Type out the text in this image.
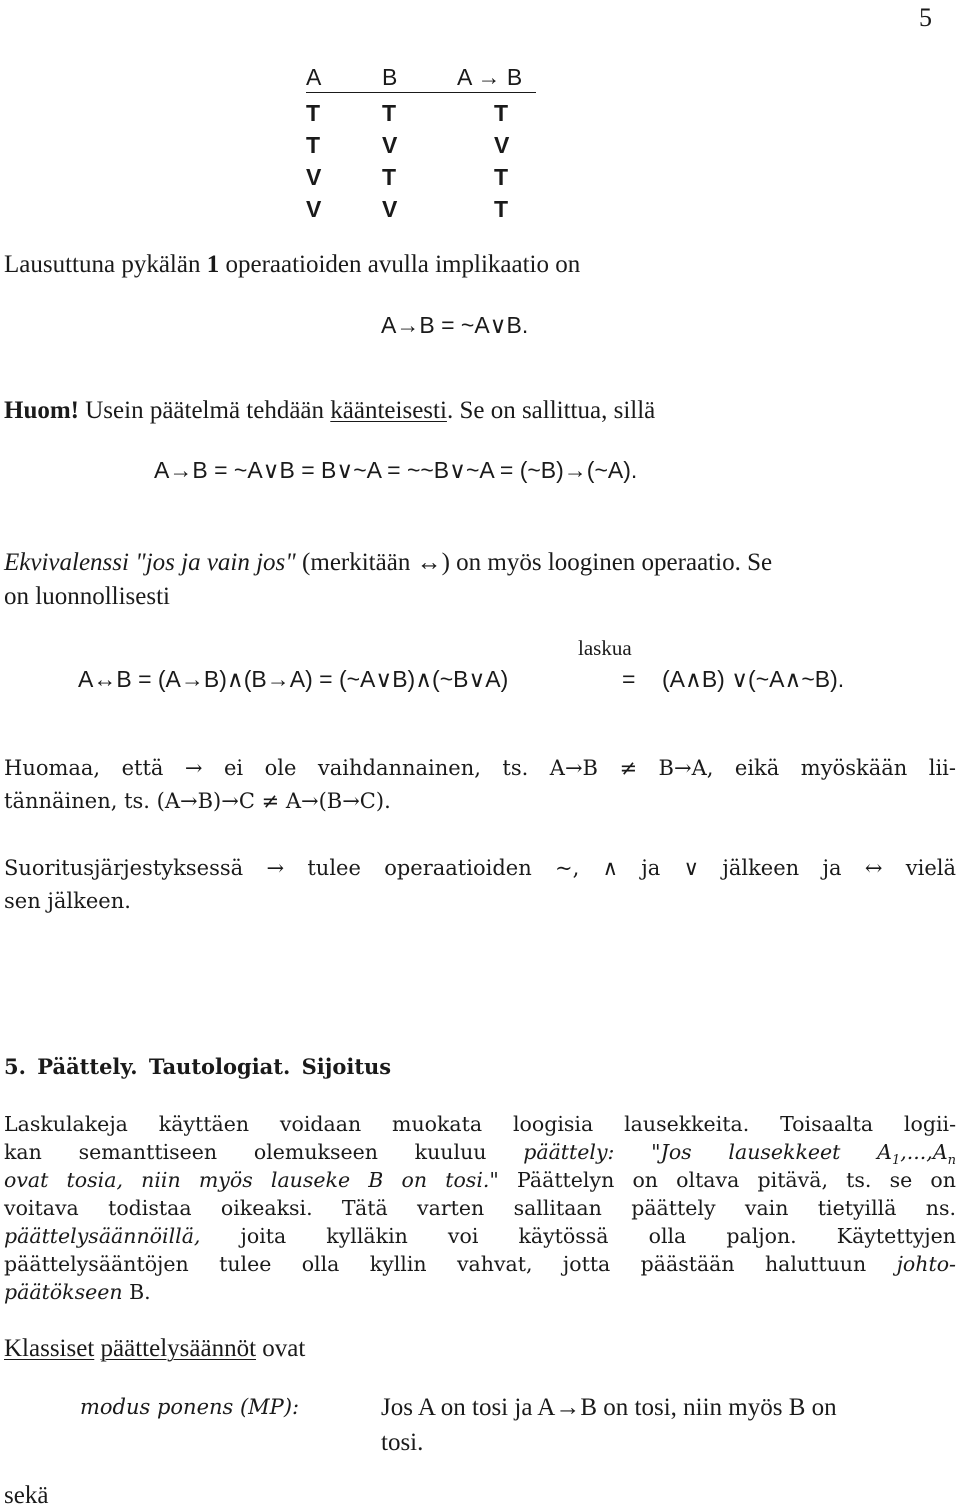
5
A	B	A → B
T	T	T
T	V	V
V	T	T
V	V	T
Lausuttuna pykälän 1 operaatioiden avulla implikaatio on
A→B = ~A∨B.
Huom! Usein päätelmä tehdään käänteisesti. Se on sallittua, sillä
A→B = ~A∨B = B∨~A = ~~B∨~A = (~B)→(~A).
Ekvivalenssi "jos ja vain jos" (merkitään ↔) on myös looginen operaatio. Se
on luonnollisesti
laskua
A↔B = (A→B)∧(B→A) = (~A∨B)∧(~B∨A)	= (A∧B) ∨(~A∧~B).
Huomaa, että → ei ole vaihdannainen, ts. A→B ≠ B→A, eikä myöskään lii-
tännäinen, ts. (A→B)→C ≠ A→(B→C).
Suoritusjärjestyksessä → tulee operaatioiden ~, ∧ ja ∨ jälkeen ja ↔ vielä
sen jälkeen.
5. Päättely. Tautologiat. Sijoitus
Laskulakeja käyttäen voidaan muokata loogisia lausekkeita. Toisaalta logii-
kan semanttiseen olemukseen kuuluu päättely: "Jos lausekkeet $A_1,...,A_n$
ovat tosia, niin myös lauseke B on tosi." Päättelyn on oltava pitävä, ts. se on
voitava todistaa oikeaksi. Tätä varten sallitaan päättely vain tietyillä ns.
päättelysäännöillä, joita kylläkin voi käytössä olla paljon. Käytettyjen
päättelysääntöjen tulee olla kyllin vahvat, jotta päästään haluttuun johto-
päätökseen B.
Klassiset päättelysäännöt ovat
modus ponens (MP):	Jos A on tosi ja A→B on tosi, niin myös B on
tosi.
sekä
